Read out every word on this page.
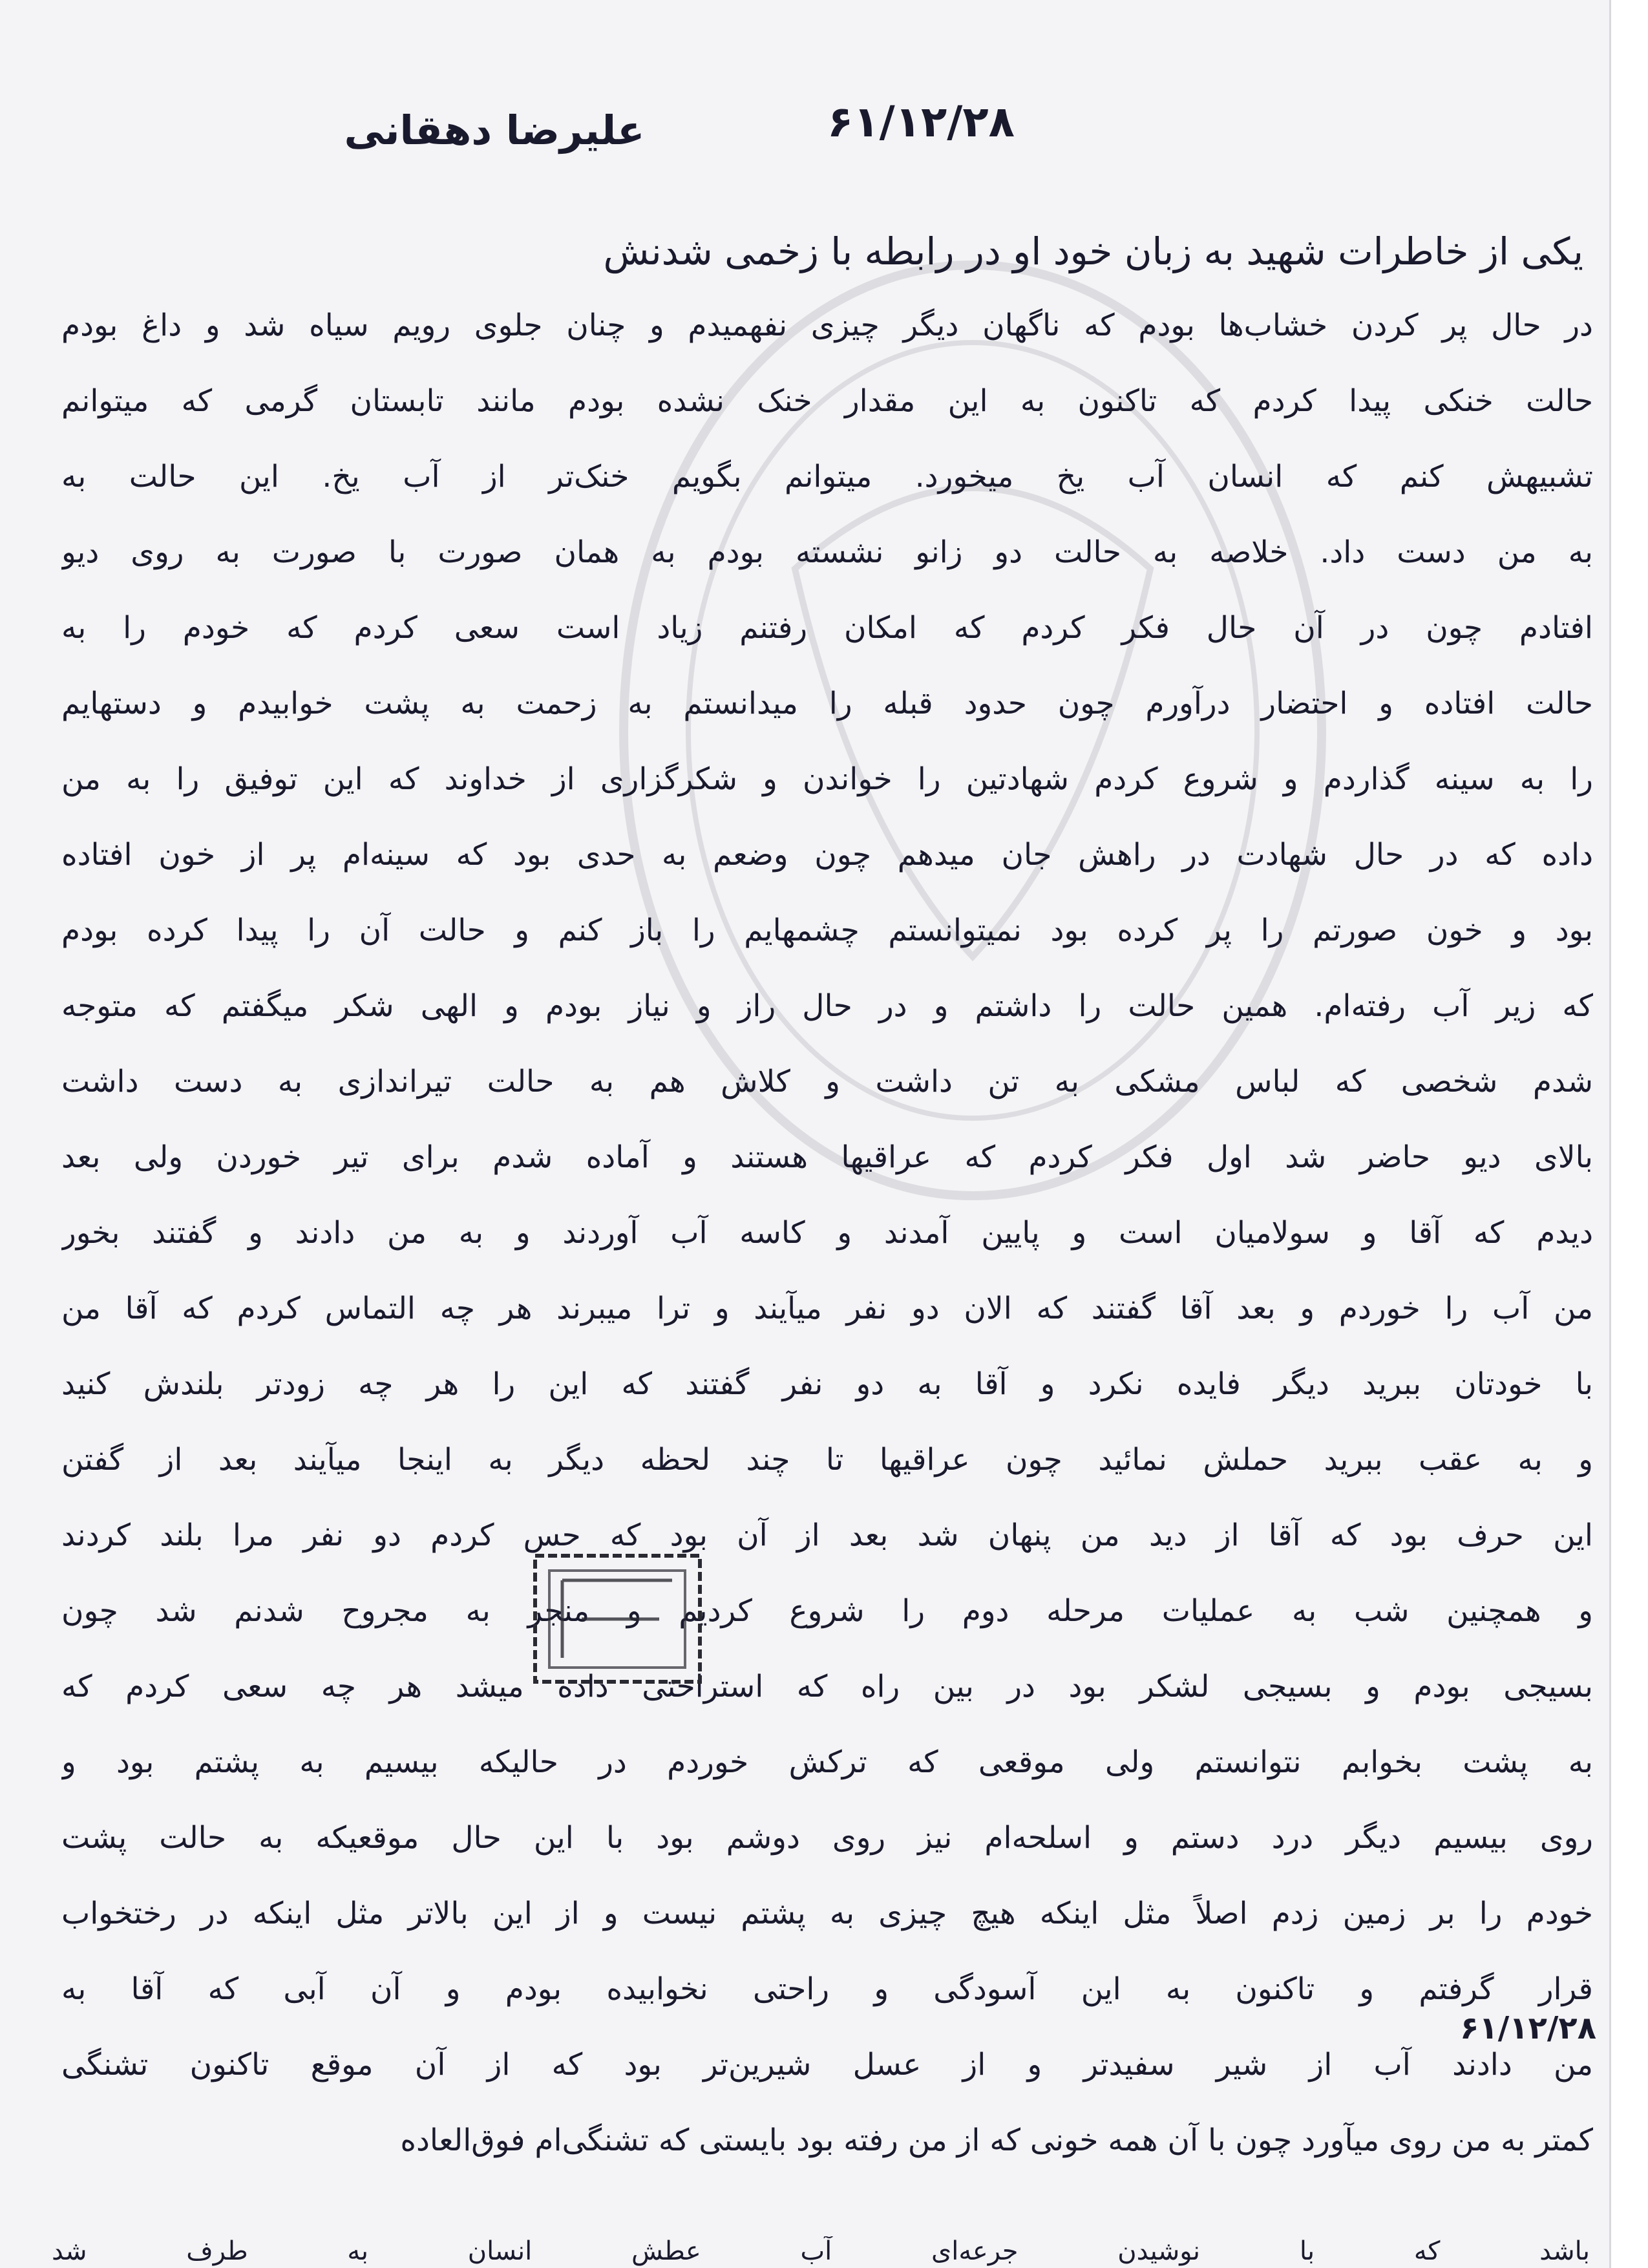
۶۱/۱۲/۲۸
علیرضا دهقانی
یکی از خاطرات شهید به زبان خود او در رابطه با زخمی شدنش
در حال پر کردن خشاب‌ها بودم که ناگهان دیگر چیزی نفهمیدم و چنان جلوی رویم سیاه شد و داغ بودم
حالت خنکی پیدا کردم که تاکنون به این مقدار خنک نشده بودم مانند تابستان گرمی که میتوانم
تشبیهش کنم که انسان آب یخ میخورد. میتوانم بگویم خنک‌تر از آب یخ. این حالت به
به من دست داد. خلاصه به حالت دو زانو نشسته بودم به همان صورت با صورت به روی دیو
افتادم چون در آن حال فکر کردم که امکان رفتنم زیاد است سعی کردم که خودم را به
حالت افتاده و احتضار درآورم چون حدود قبله را میدانستم به زحمت به پشت خوابیدم و دستهایم
را به سینه گذاردم و شروع کردم شهادتین را خواندن و شکرگزاری از خداوند که این توفیق را به من
داده که در حال شهادت در راهش جان میدهم چون وضعم به حدی بود که سینه‌ام پر از خون افتاده
بود و خون صورتم را پر کرده بود نمیتوانستم چشمهایم را باز کنم و حالت آن را پیدا کرده بودم
که زیر آب رفته‌ام. همین حالت را داشتم و در حال راز و نیاز بودم و الهی شکر میگفتم که متوجه
شدم شخصی که لباس مشکی به تن داشت و کلاش هم به حالت تیراندازی به دست داشت
بالای دیو حاضر شد اول فکر کردم که عراقیها هستند و آماده شدم برای تیر خوردن ولی بعد
دیدم که آقا و سولامیان است و پایین آمدند و کاسه آب آوردند و به من دادند و گفتند بخور
من آب را خوردم و بعد آقا گفتند که الان دو نفر میآیند و ترا میبرند هر چه التماس کردم که آقا من
با خودتان ببرید دیگر فایده نکرد و آقا به دو نفر گفتند که این را هر چه زودتر بلندش کنید
و به عقب ببرید حملش نمائید چون عراقیها تا چند لحظه دیگر به اینجا میآیند بعد از گفتن
این حرف بود که آقا از دید من پنهان شد بعد از آن بود که حس کردم دو نفر مرا بلند کردند
و همچنین شب به عملیات مرحله دوم را شروع کردیم و منجر به مجروح شدنم شد چون
بسیجی بودم و بسیجی لشکر بود در بین راه که استراحتی داده میشد هر چه سعی کردم که
به پشت بخوابم نتوانستم ولی موقعی که ترکش خوردم در حالیکه بیسیم به پشتم بود و
روی بیسیم دیگر درد دستم و اسلحه‌ام نیز روی دوشم بود با این حال موقعیکه به حالت پشت
خودم را بر زمین زدم اصلاً مثل اینکه هیچ چیزی به پشتم نیست و از این بالاتر مثل اینکه در رختخواب
قرار گرفتم و تاکنون به این آسودگی و راحتی نخوابیده بودم و آن آبی که آقا به
من دادند آب از شیر سفیدتر و از عسل شیرین‌تر بود که از آن موقع تاکنون تشنگی
کمتر به من روی میآورد چون با آن همه خونی که از من رفته بود بایستی که تشنگی‌ام فوق‌العاده
باشد که با نوشیدن جرعه‌ای آب عطش انسان به طرف شد
۶۱/۱۲/۲۸
